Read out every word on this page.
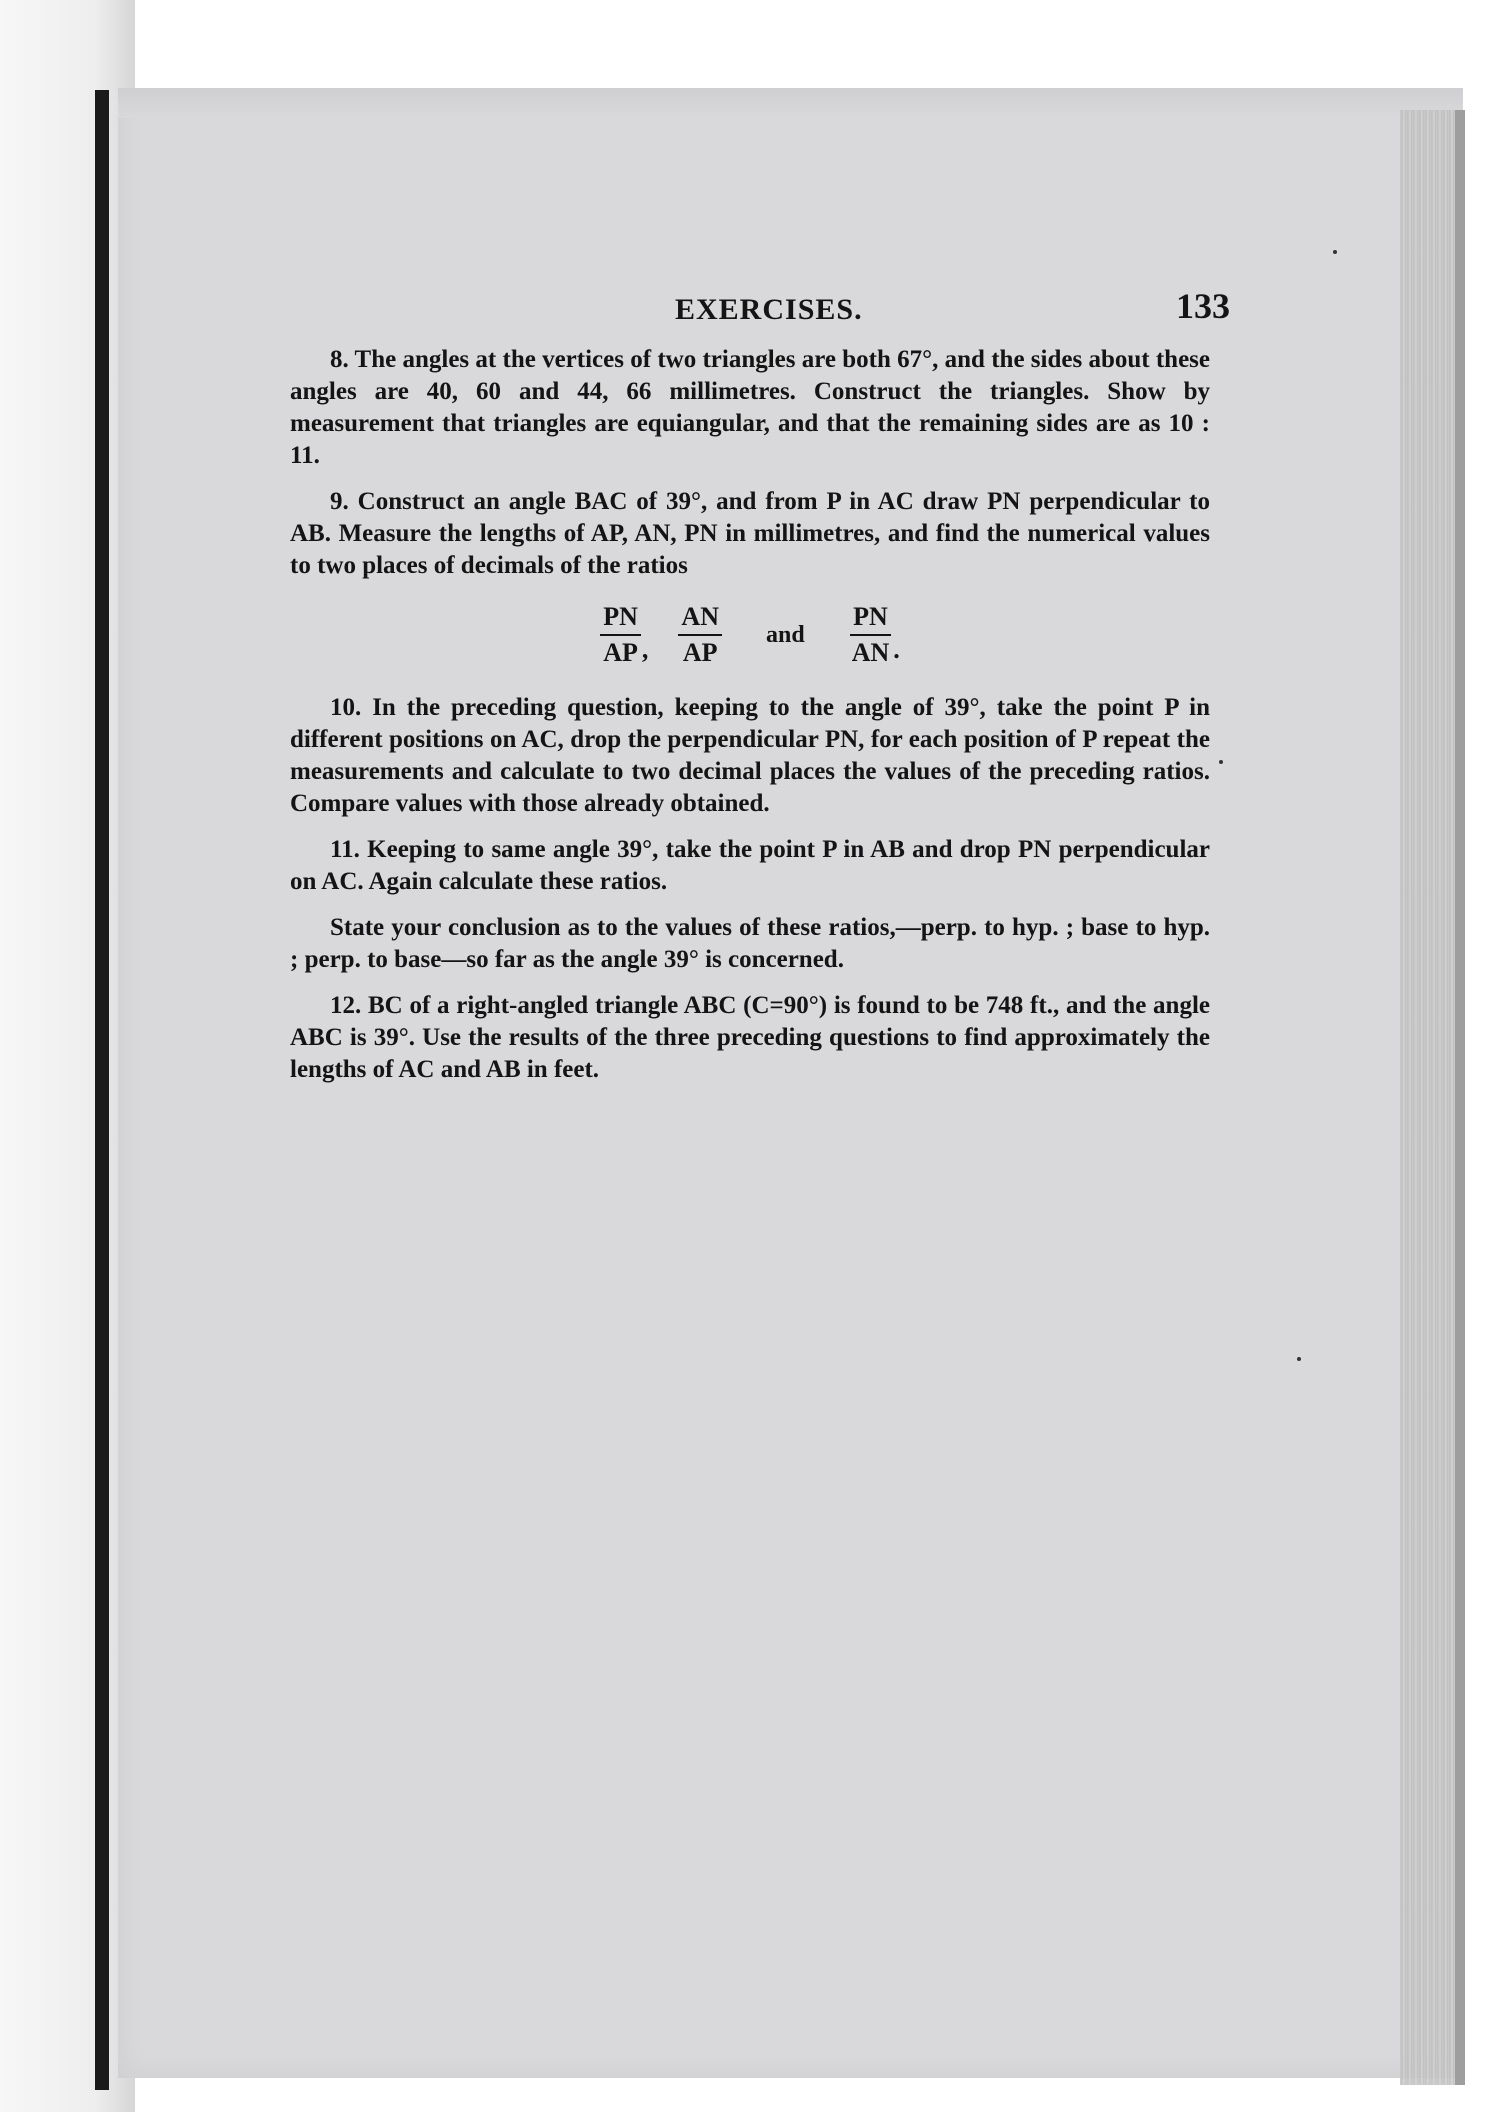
EXERCISES.	133

8. The angles at the vertices of two triangles are both 67°, and the sides about these angles are 40, 60 and 44, 66 millimetres. Construct the triangles. Show by measurement that triangles are equiangular, and that the remaining sides are as 10 : 11.

9. Construct an angle BAC of 39°, and from P in AC draw PN perpendicular to AB. Measure the lengths of AP, AN, PN in millimetres, and find the numerical values to two places of decimals of the ratios

$\frac{PN}{AP}$ , $\frac{AN}{AP}$ and $\frac{PN}{AN}$ .

10. In the preceding question, keeping to the angle of 39°, take the point P in different positions on AC, drop the perpendicular PN, for each position of P repeat the measurements and calculate to two decimal places the values of the preceding ratios. Compare values with those already obtained.

11. Keeping to same angle 39°, take the point P in AB and drop PN perpendicular on AC. Again calculate these ratios.

State your conclusion as to the values of these ratios,—perp. to hyp. ; base to hyp. ; perp. to base—so far as the angle 39° is concerned.

12. BC of a right-angled triangle ABC (C=90°) is found to be 748 ft., and the angle ABC is 39°. Use the results of the three preceding questions to find approximately the lengths of AC and AB in feet.
